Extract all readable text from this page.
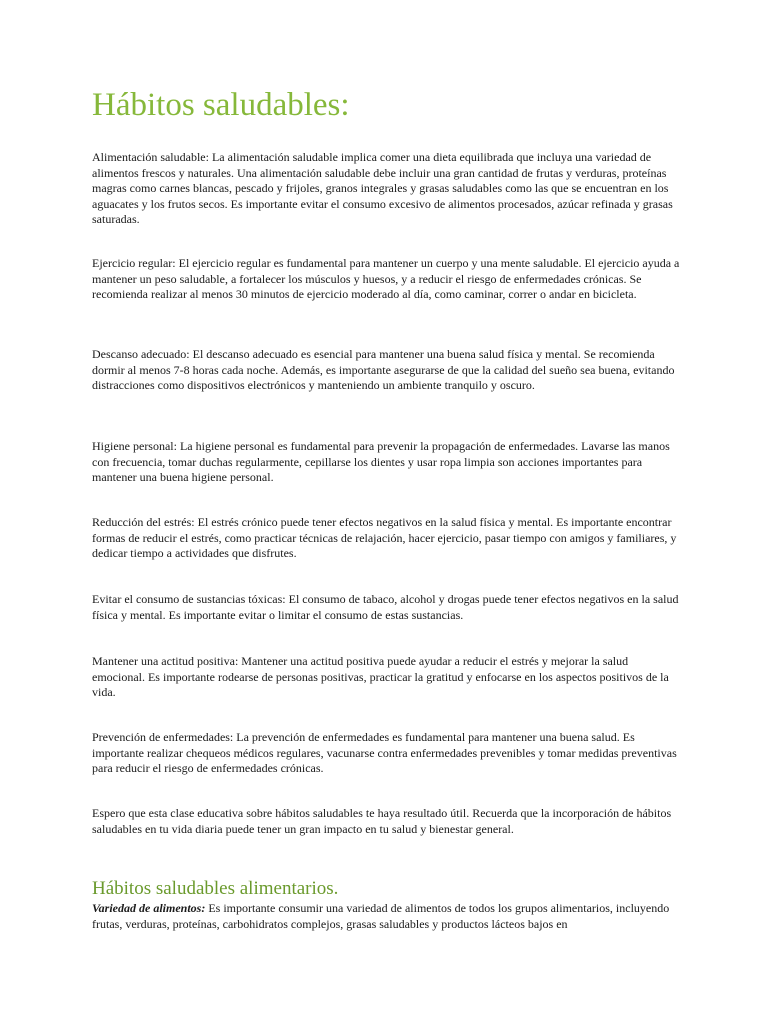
Hábitos saludables:

Alimentación saludable: La alimentación saludable implica comer una dieta equilibrada que incluya una variedad de alimentos frescos y naturales. Una alimentación saludable debe incluir una gran cantidad de frutas y verduras, proteínas magras como carnes blancas, pescado y frijoles, granos integrales y grasas saludables como las que se encuentran en los aguacates y los frutos secos. Es importante evitar el consumo excesivo de alimentos procesados, azúcar refinada y grasas saturadas.

Ejercicio regular: El ejercicio regular es fundamental para mantener un cuerpo y una mente saludable. El ejercicio ayuda a mantener un peso saludable, a fortalecer los músculos y huesos, y a reducir el riesgo de enfermedades crónicas. Se recomienda realizar al menos 30 minutos de ejercicio moderado al día, como caminar, correr o andar en bicicleta.

Descanso adecuado: El descanso adecuado es esencial para mantener una buena salud física y mental. Se recomienda dormir al menos 7-8 horas cada noche. Además, es importante asegurarse de que la calidad del sueño sea buena, evitando distracciones como dispositivos electrónicos y manteniendo un ambiente tranquilo y oscuro.

Higiene personal: La higiene personal es fundamental para prevenir la propagación de enfermedades. Lavarse las manos con frecuencia, tomar duchas regularmente, cepillarse los dientes y usar ropa limpia son acciones importantes para mantener una buena higiene personal.

Reducción del estrés: El estrés crónico puede tener efectos negativos en la salud física y mental. Es importante encontrar formas de reducir el estrés, como practicar técnicas de relajación, hacer ejercicio, pasar tiempo con amigos y familiares, y dedicar tiempo a actividades que disfrutes.

Evitar el consumo de sustancias tóxicas: El consumo de tabaco, alcohol y drogas puede tener efectos negativos en la salud física y mental. Es importante evitar o limitar el consumo de estas sustancias.

Mantener una actitud positiva: Mantener una actitud positiva puede ayudar a reducir el estrés y mejorar la salud emocional. Es importante rodearse de personas positivas, practicar la gratitud y enfocarse en los aspectos positivos de la vida.

Prevención de enfermedades: La prevención de enfermedades es fundamental para mantener una buena salud. Es importante realizar chequeos médicos regulares, vacunarse contra enfermedades prevenibles y tomar medidas preventivas para reducir el riesgo de enfermedades crónicas.

Espero que esta clase educativa sobre hábitos saludables te haya resultado útil. Recuerda que la incorporación de hábitos saludables en tu vida diaria puede tener un gran impacto en tu salud y bienestar general.

Hábitos saludables alimentarios.

Variedad de alimentos: Es importante consumir una variedad de alimentos de todos los grupos alimentarios, incluyendo frutas, verduras, proteínas, carbohidratos complejos, grasas saludables y productos lácteos bajos en
